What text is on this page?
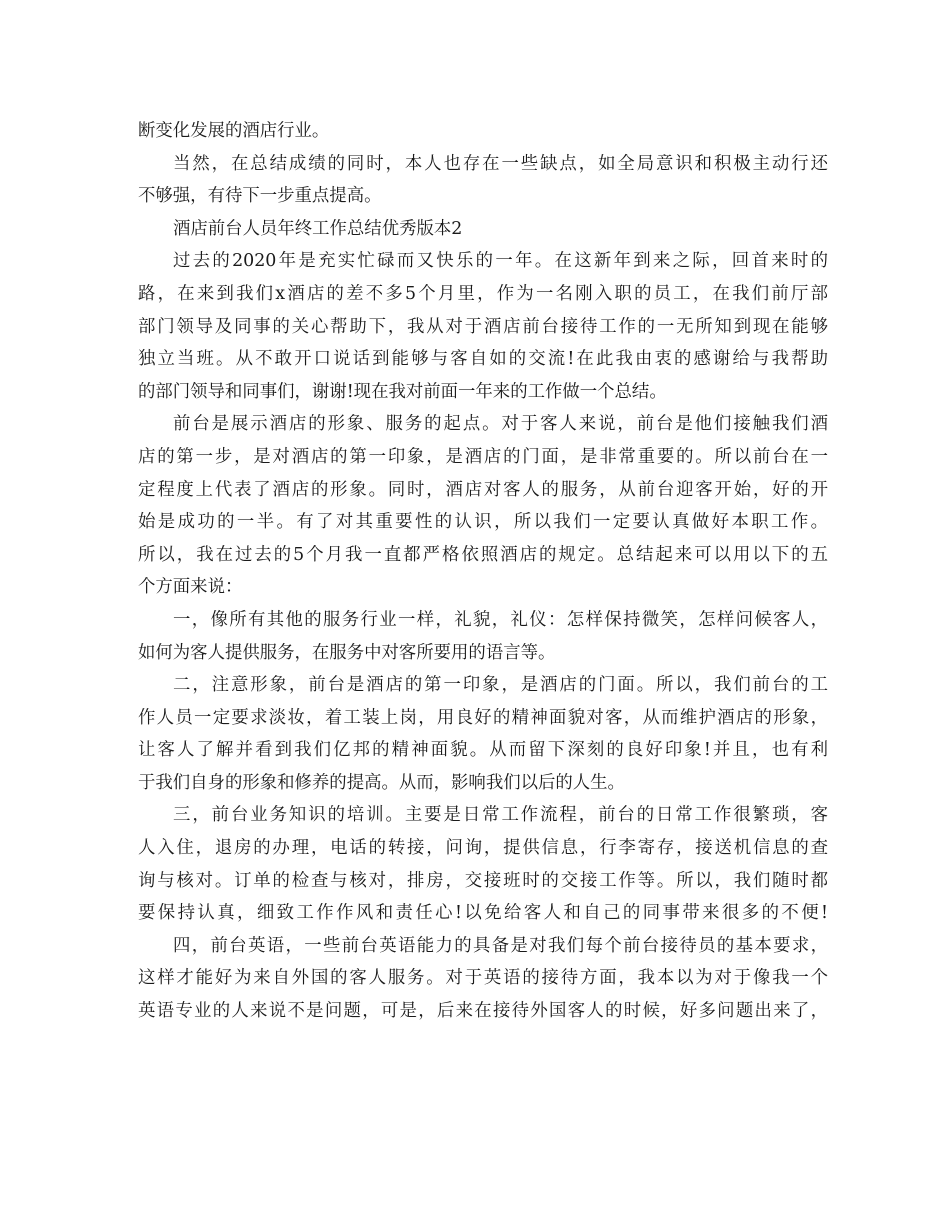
断变化发展的酒店行业。
当然，在总结成绩的同时，本人也存在一些缺点，如全局意识和积极主动行还
不够强，有待下一步重点提高。
酒店前台人员年终工作总结优秀版本2
过去的2020年是充实忙碌而又快乐的一年。在这新年到来之际，回首来时的
路，在来到我们x酒店的差不多5个月里，作为一名刚入职的员工，在我们前厅部
部门领导及同事的关心帮助下，我从对于酒店前台接待工作的一无所知到现在能够
独立当班。从不敢开口说话到能够与客自如的交流!在此我由衷的感谢给与我帮助
的部门领导和同事们，谢谢!现在我对前面一年来的工作做一个总结。
前台是展示酒店的形象、服务的起点。对于客人来说，前台是他们接触我们酒
店的第一步，是对酒店的第一印象，是酒店的门面，是非常重要的。所以前台在一
定程度上代表了酒店的形象。同时，酒店对客人的服务，从前台迎客开始，好的开
始是成功的一半。有了对其重要性的认识，所以我们一定要认真做好本职工作。
所以，我在过去的5个月我一直都严格依照酒店的规定。总结起来可以用以下的五
个方面来说：
一，像所有其他的服务行业一样，礼貌，礼仪：怎样保持微笑，怎样问候客人，
如何为客人提供服务，在服务中对客所要用的语言等。
二，注意形象，前台是酒店的第一印象，是酒店的门面。所以，我们前台的工
作人员一定要求淡妆，着工装上岗，用良好的精神面貌对客，从而维护酒店的形象，
让客人了解并看到我们亿邦的精神面貌。从而留下深刻的良好印象!并且，也有利
于我们自身的形象和修养的提高。从而，影响我们以后的人生。
三，前台业务知识的培训。主要是日常工作流程，前台的日常工作很繁琐，客
人入住，退房的办理，电话的转接，问询，提供信息，行李寄存，接送机信息的查
询与核对。订单的检查与核对，排房，交接班时的交接工作等。所以，我们随时都
要保持认真，细致工作作风和责任心!以免给客人和自己的同事带来很多的不便!
四，前台英语，一些前台英语能力的具备是对我们每个前台接待员的基本要求，
这样才能好为来自外国的客人服务。对于英语的接待方面，我本以为对于像我一个
英语专业的人来说不是问题，可是，后来在接待外国客人的时候，好多问题出来了，
